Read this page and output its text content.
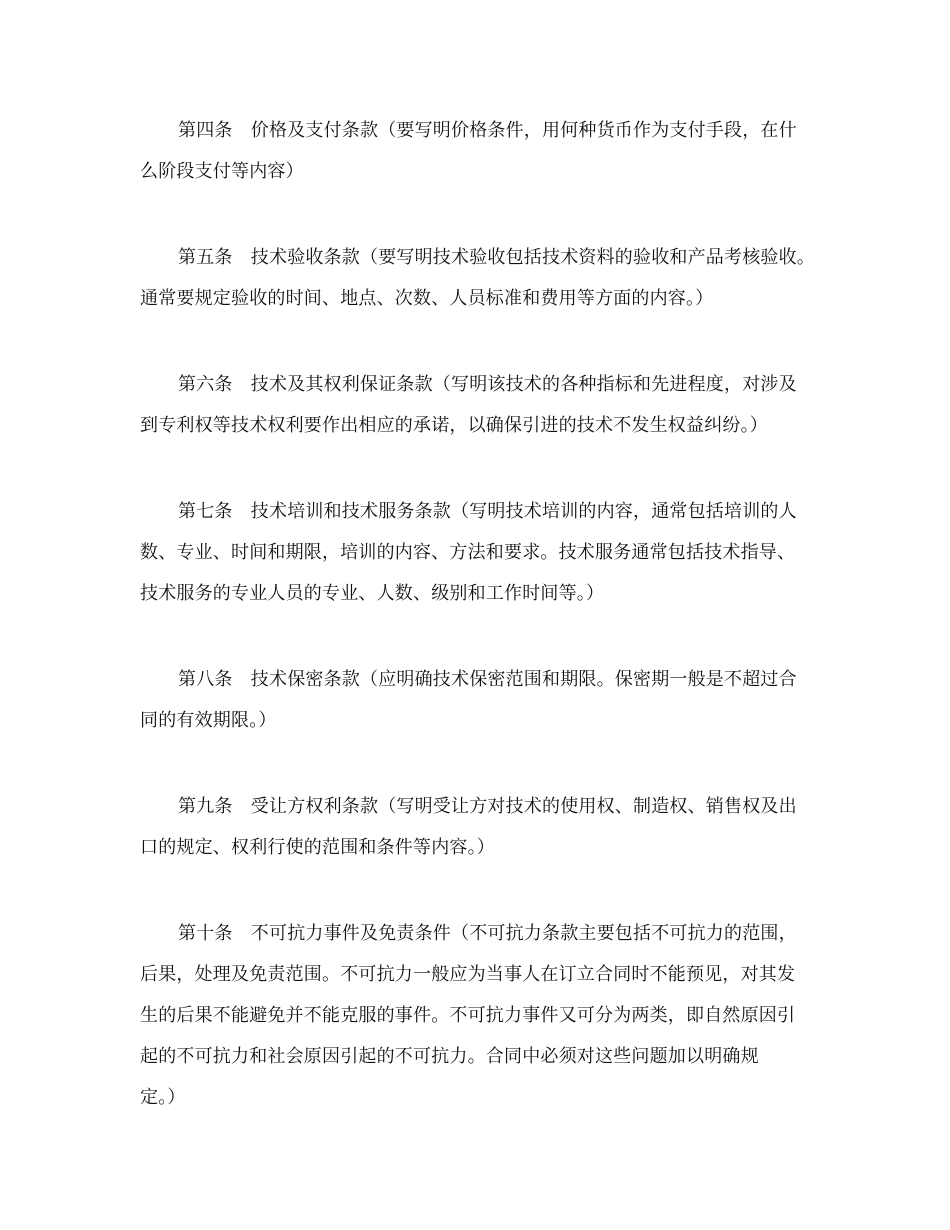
第四条　价格及支付条款（要写明价格条件，用何种货币作为支付手段，在什
么阶段支付等内容）
第五条　技术验收条款（要写明技术验收包括技术资料的验收和产品考核验收。
通常要规定验收的时间、地点、次数、人员标准和费用等方面的内容。）
第六条　技术及其权利保证条款（写明该技术的各种指标和先进程度，对涉及
到专利权等技术权利要作出相应的承诺，以确保引进的技术不发生权益纠纷。）
第七条　技术培训和技术服务条款（写明技术培训的内容，通常包括培训的人
数、专业、时间和期限，培训的内容、方法和要求。技术服务通常包括技术指导、
技术服务的专业人员的专业、人数、级别和工作时间等。）
第八条　技术保密条款（应明确技术保密范围和期限。保密期一般是不超过合
同的有效期限。）
第九条　受让方权利条款（写明受让方对技术的使用权、制造权、销售权及出
口的规定、权利行使的范围和条件等内容。）
第十条　不可抗力事件及免责条件（不可抗力条款主要包括不可抗力的范围，
后果，处理及免责范围。不可抗力一般应为当事人在订立合同时不能预见，对其发
生的后果不能避免并不能克服的事件。不可抗力事件又可分为两类，即自然原因引
起的不可抗力和社会原因引起的不可抗力。合同中必须对这些问题加以明确规
定。）
